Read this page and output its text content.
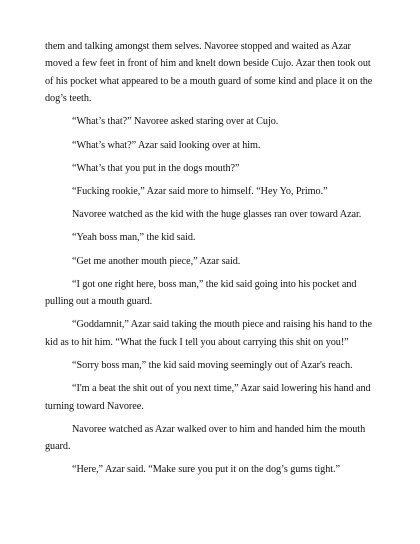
them and talking amongst them selves. Navoree stopped and waited as Azar moved a few feet in front of him and knelt down beside Cujo. Azar then took out of his pocket what appeared to be a mouth guard of some kind and place it on the dog’s teeth.

“What’s that?” Navoree asked staring over at Cujo.

“What’s what?” Azar said looking over at him.

“What’s that you put in the dogs mouth?”

“Fucking rookie,” Azar said more to himself. “Hey Yo, Primo.”

Navoree watched as the kid with the huge glasses ran over toward Azar.

“Yeah boss man,” the kid said.

“Get me another mouth piece,” Azar said.

“I got one right here, boss man,” the kid said going into his pocket and pulling out a mouth guard.

“Goddamnit,” Azar said taking the mouth piece and raising his hand to the kid as to hit him. “What the fuck I tell you about carrying this shit on you!”

“Sorry boss man,” the kid said moving seemingly out of Azar's reach.

“I'm a beat the shit out of you next time,” Azar said lowering his hand and turning toward Navoree.

Navoree watched as Azar walked over to him and handed him the mouth guard.

“Here,” Azar said. “Make sure you put it on the dog’s gums tight.”
